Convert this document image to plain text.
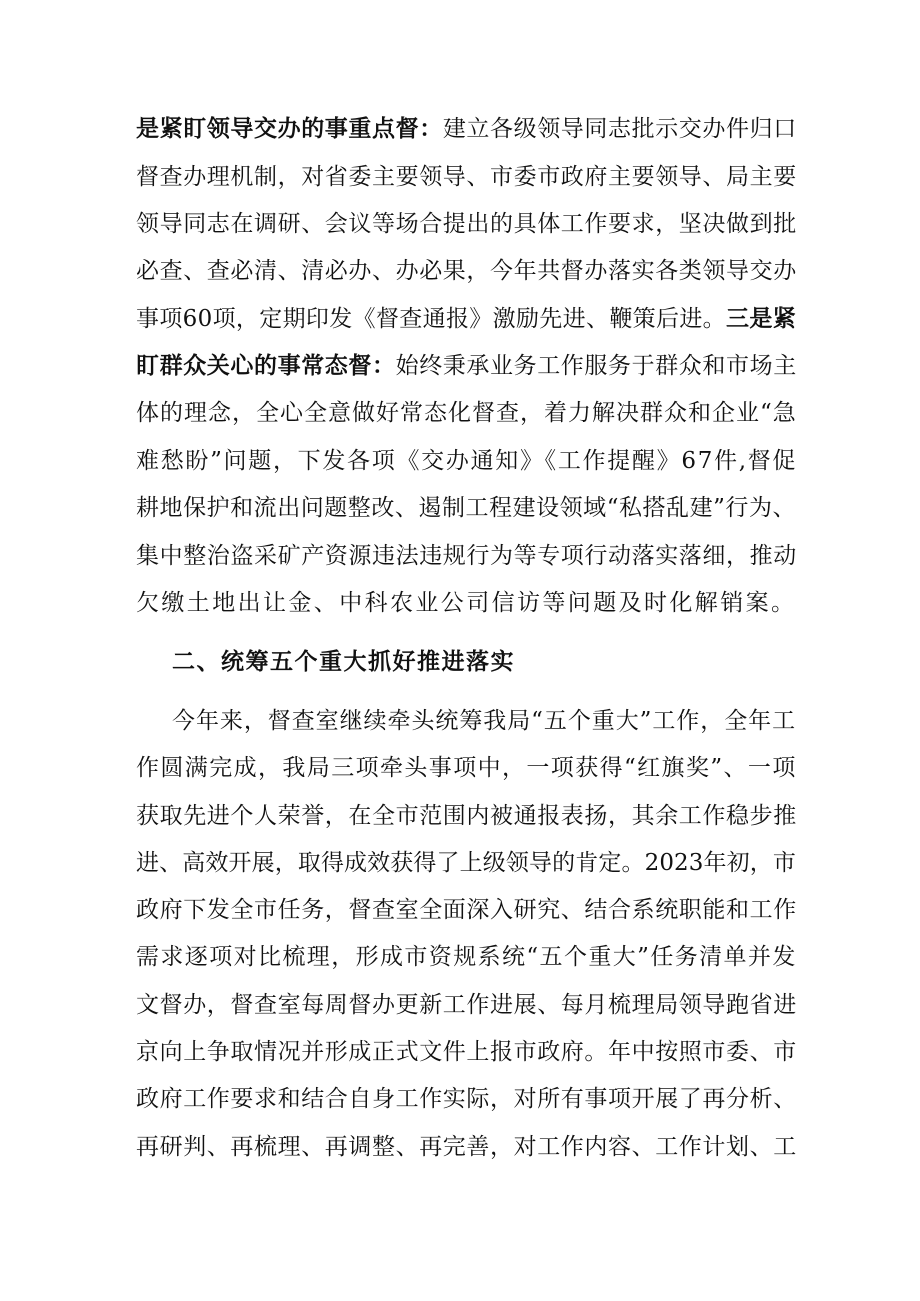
是紧盯领导交办的事重点督：建立各级领导同志批示交办件归口
督查办理机制，对省委主要领导、市委市政府主要领导、局主要
领导同志在调研、会议等场合提出的具体工作要求，坚决做到批
必查、查必清、清必办、办必果，今年共督办落实各类领导交办
事项60项，定期印发《督查通报》激励先进、鞭策后进。三是紧
盯群众关心的事常态督：始终秉承业务工作服务于群众和市场主
体的理念，全心全意做好常态化督查，着力解决群众和企业“急
难愁盼”问题，下发各项《交办通知》《工作提醒》67件,督促
耕地保护和流出问题整改、遏制工程建设领域“私搭乱建”行为、
集中整治盗采矿产资源违法违规行为等专项行动落实落细，推动
欠缴土地出让金、中科农业公司信访等问题及时化解销案。
二、统筹五个重大抓好推进落实
今年来，督查室继续牵头统筹我局“五个重大”工作，全年工
作圆满完成，我局三项牵头事项中，一项获得“红旗奖”、一项
获取先进个人荣誉，在全市范围内被通报表扬，其余工作稳步推
进、高效开展，取得成效获得了上级领导的肯定。2023年初，市
政府下发全市任务，督查室全面深入研究、结合系统职能和工作
需求逐项对比梳理，形成市资规系统“五个重大”任务清单并发
文督办，督查室每周督办更新工作进展、每月梳理局领导跑省进
京向上争取情况并形成正式文件上报市政府。年中按照市委、市
政府工作要求和结合自身工作实际，对所有事项开展了再分析、
再研判、再梳理、再调整、再完善，对工作内容、工作计划、工
